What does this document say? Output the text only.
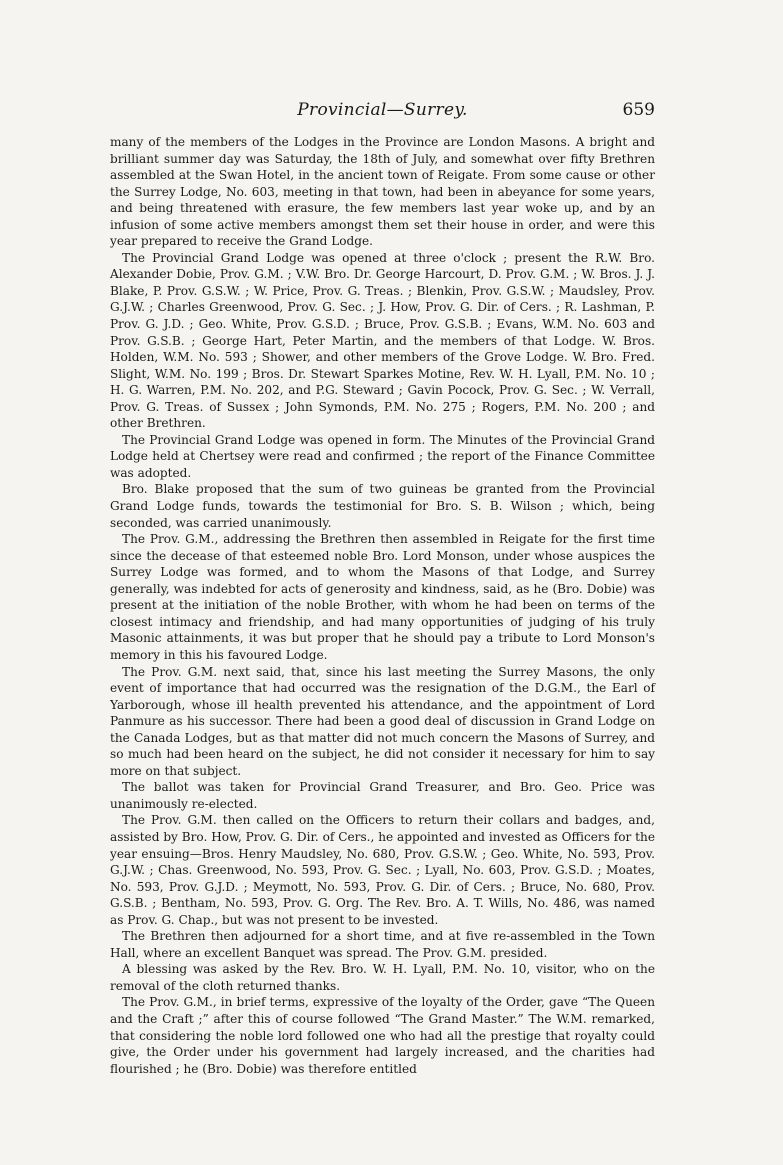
Provincial—Surrey.	659

many of the members of the Lodges in the Province are London Masons. A bright and brilliant summer day was Saturday, the 18th of July, and somewhat over fifty Brethren assembled at the Swan Hotel, in the ancient town of Reigate. From some cause or other the Surrey Lodge, No. 603, meeting in that town, had been in abeyance for some years, and being threatened with erasure, the few members last year woke up, and by an infusion of some active members amongst them set their house in order, and were this year prepared to receive the Grand Lodge.

The Provincial Grand Lodge was opened at three o'clock ; present the R.W. Bro. Alexander Dobie, Prov. G.M. ; V.W. Bro. Dr. George Harcourt, D. Prov. G.M. ; W. Bros. J. J. Blake, P. Prov. G.S.W. ; W. Price, Prov. G. Treas. ; Blenkin, Prov. G.S.W. ; Maudsley, Prov. G.J.W. ; Charles Greenwood, Prov. G. Sec. ; J. How, Prov. G. Dir. of Cers. ; R. Lashman, P. Prov. G. J.D. ; Geo. White, Prov. G.S.D. ; Bruce, Prov. G.S.B. ; Evans, W.M. No. 603 and Prov. G.S.B. ; George Hart, Peter Martin, and the members of that Lodge. W. Bros. Holden, W.M. No. 593 ; Shower, and other members of the Grove Lodge. W. Bro. Fred. Slight, W.M. No. 199 ; Bros. Dr. Stewart Sparkes Motine, Rev. W. H. Lyall, P.M. No. 10 ; H. G. Warren, P.M. No. 202, and P.G. Steward ; Gavin Pocock, Prov. G. Sec. ; W. Verrall, Prov. G. Treas. of Sussex ; John Symonds, P.M. No. 275 ; Rogers, P.M. No. 200 ; and other Brethren.

The Provincial Grand Lodge was opened in form. The Minutes of the Provincial Grand Lodge held at Chertsey were read and confirmed ; the report of the Finance Committee was adopted.

Bro. Blake proposed that the sum of two guineas be granted from the Provincial Grand Lodge funds, towards the testimonial for Bro. S. B. Wilson ; which, being seconded, was carried unanimously.

The Prov. G.M., addressing the Brethren then assembled in Reigate for the first time since the decease of that esteemed noble Bro. Lord Monson, under whose auspices the Surrey Lodge was formed, and to whom the Masons of that Lodge, and Surrey generally, was indebted for acts of generosity and kindness, said, as he (Bro. Dobie) was present at the initiation of the noble Brother, with whom he had been on terms of the closest intimacy and friendship, and had many opportunities of judging of his truly Masonic attainments, it was but proper that he should pay a tribute to Lord Monson's memory in this his favoured Lodge.

The Prov. G.M. next said, that, since his last meeting the Surrey Masons, the only event of importance that had occurred was the resignation of the D.G.M., the Earl of Yarborough, whose ill health prevented his attendance, and the appointment of Lord Panmure as his successor. There had been a good deal of discussion in Grand Lodge on the Canada Lodges, but as that matter did not much concern the Masons of Surrey, and so much had been heard on the subject, he did not consider it necessary for him to say more on that subject.

The ballot was taken for Provincial Grand Treasurer, and Bro. Geo. Price was unanimously re-elected.

The Prov. G.M. then called on the Officers to return their collars and badges, and, assisted by Bro. How, Prov. G. Dir. of Cers., he appointed and invested as Officers for the year ensuing—Bros. Henry Maudsley, No. 680, Prov. G.S.W. ; Geo. White, No. 593, Prov. G.J.W. ; Chas. Greenwood, No. 593, Prov. G. Sec. ; Lyall, No. 603, Prov. G.S.D. ; Moates, No. 593, Prov. G.J.D. ; Meymott, No. 593, Prov. G. Dir. of Cers. ; Bruce, No. 680, Prov. G.S.B. ; Bentham, No. 593, Prov. G. Org. The Rev. Bro. A. T. Wills, No. 486, was named as Prov. G. Chap., but was not present to be invested.

The Brethren then adjourned for a short time, and at five re-assembled in the Town Hall, where an excellent Banquet was spread. The Prov. G.M. presided.

A blessing was asked by the Rev. Bro. W. H. Lyall, P.M. No. 10, visitor, who on the removal of the cloth returned thanks.

The Prov. G.M., in brief terms, expressive of the loyalty of the Order, gave “The Queen and the Craft ;” after this of course followed “The Grand Master.” The W.M. remarked, that considering the noble lord followed one who had all the prestige that royalty could give, the Order under his government had largely increased, and the charities had flourished ; he (Bro. Dobie) was therefore entitled
